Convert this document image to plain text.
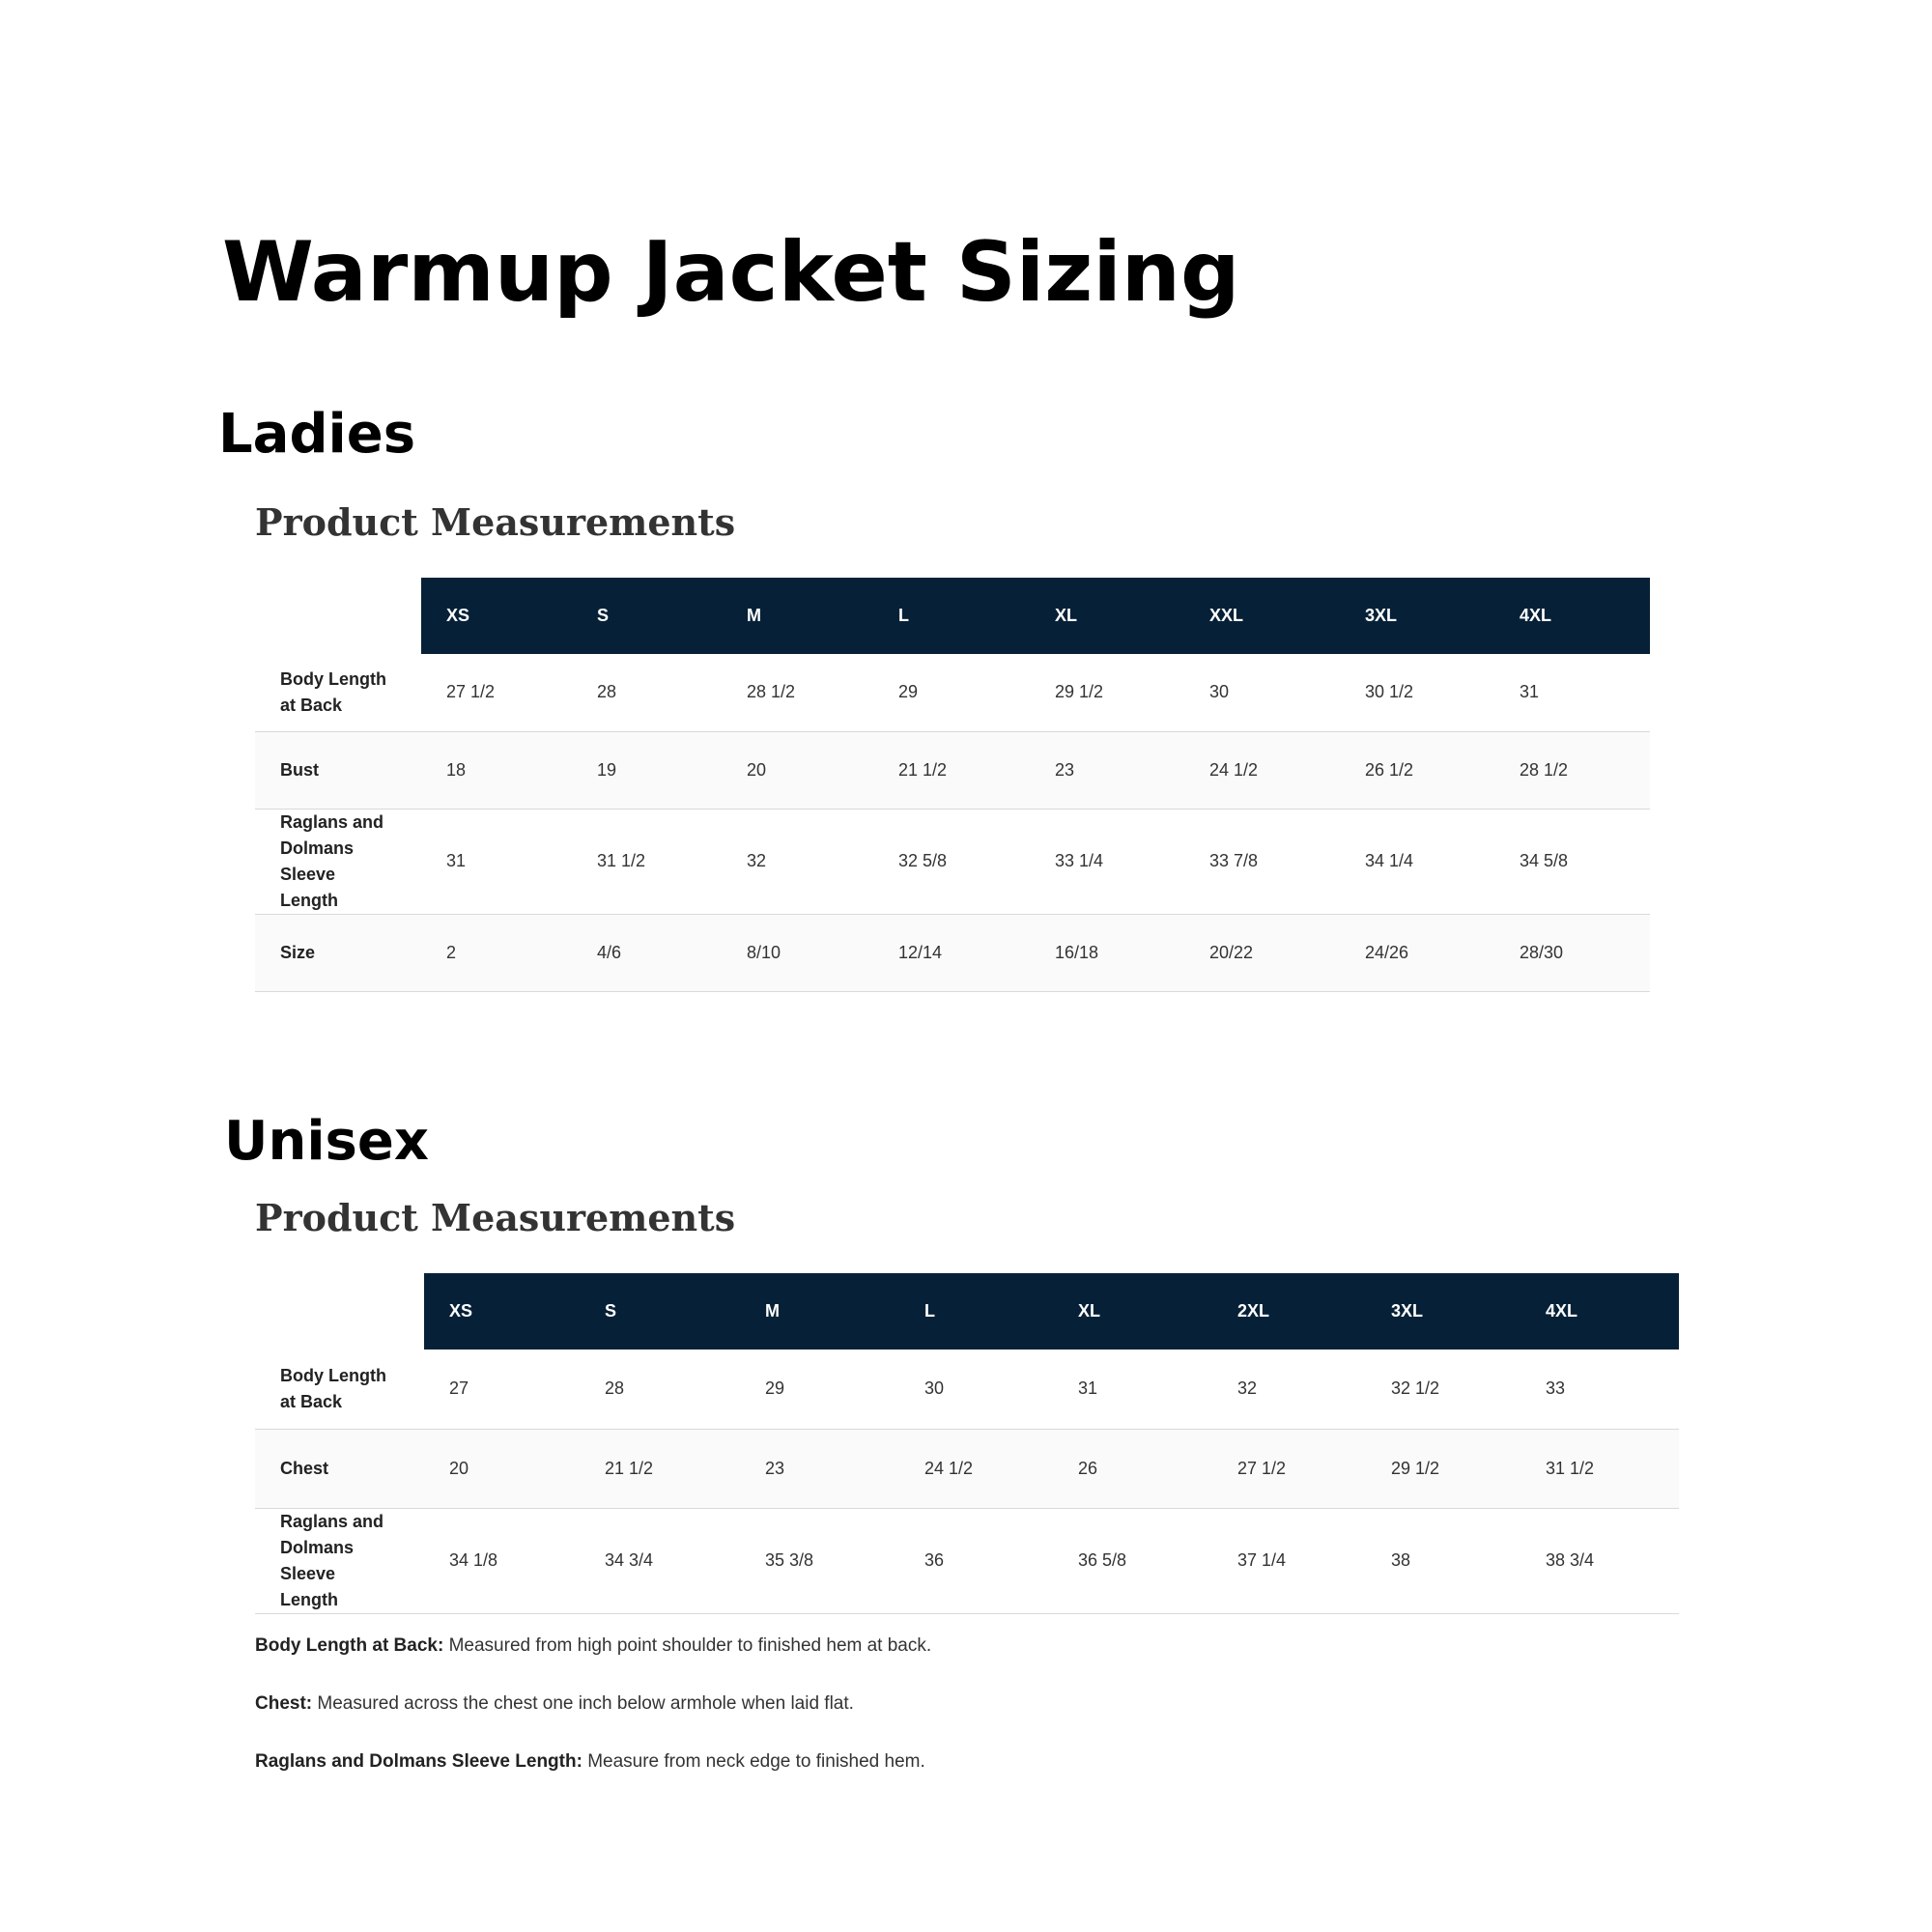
Warmup Jacket Sizing
Ladies
Product Measurements
	XS	S	M	L	XL	XXL	3XL	4XL

Body Length at Back	27 1/2	28	28 1/2	29	29 1/2	30	30 1/2	31
Bust	18	19	20	21 1/2	23	24 1/2	26 1/2	28 1/2

Raglans and Dolmans Sleeve Length	31	31 1/2	32	32 5/8	33 1/4	33 7/8	34 1/4	34 5/8
Size	2	4/6	8/10	12/14	16/18	20/22	24/26	28/30
Unisex
Product Measurements
	XS	S	M	L	XL	2XL	3XL	4XL

Body Length at Back	27	28	29	30	31	32	32 1/2	33
Chest	20	21 1/2	23	24 1/2	26	27 1/2	29 1/2	31 1/2

Raglans and Dolmans Sleeve Length	34 1/8	34 3/4	35 3/8	36	36 5/8	37 1/4	38	38 3/4

Body Length at Back: Measured from high point shoulder to finished hem at back.

Chest: Measured across the chest one inch below armhole when laid flat.

Raglans and Dolmans Sleeve Length: Measure from neck edge to finished hem.
